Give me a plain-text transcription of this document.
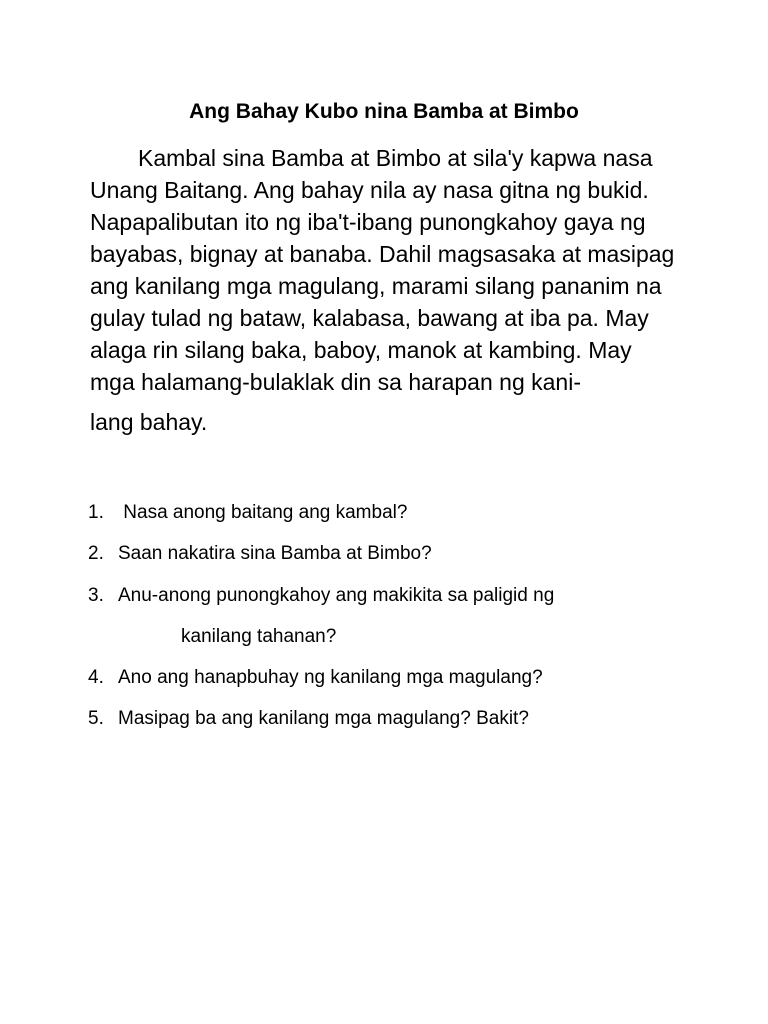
Ang Bahay Kubo nina Bamba at Bimbo
Kambal sina Bamba at Bimbo at sila'y kapwa nasa
Unang Baitang. Ang bahay nila ay nasa gitna ng bukid.
Napapalibutan ito ng iba't-ibang punongkahoy gaya ng
bayabas, bignay at banaba. Dahil magsasaka at masipag
ang kanilang mga magulang, marami silang pananim na
gulay tulad ng bataw, kalabasa, bawang at iba pa. May
alaga rin silang baka, baboy, manok at kambing. May
mga halamang-bulaklak din sa harapan ng kani-
lang bahay.
1. Nasa anong baitang ang kambal?
2. Saan nakatira sina Bamba at Bimbo?
3. Anu-anong punongkahoy ang makikita sa paligid ng
kanilang tahanan?
4. Ano ang hanapbuhay ng kanilang mga magulang?
5. Masipag ba ang kanilang mga magulang? Bakit?
